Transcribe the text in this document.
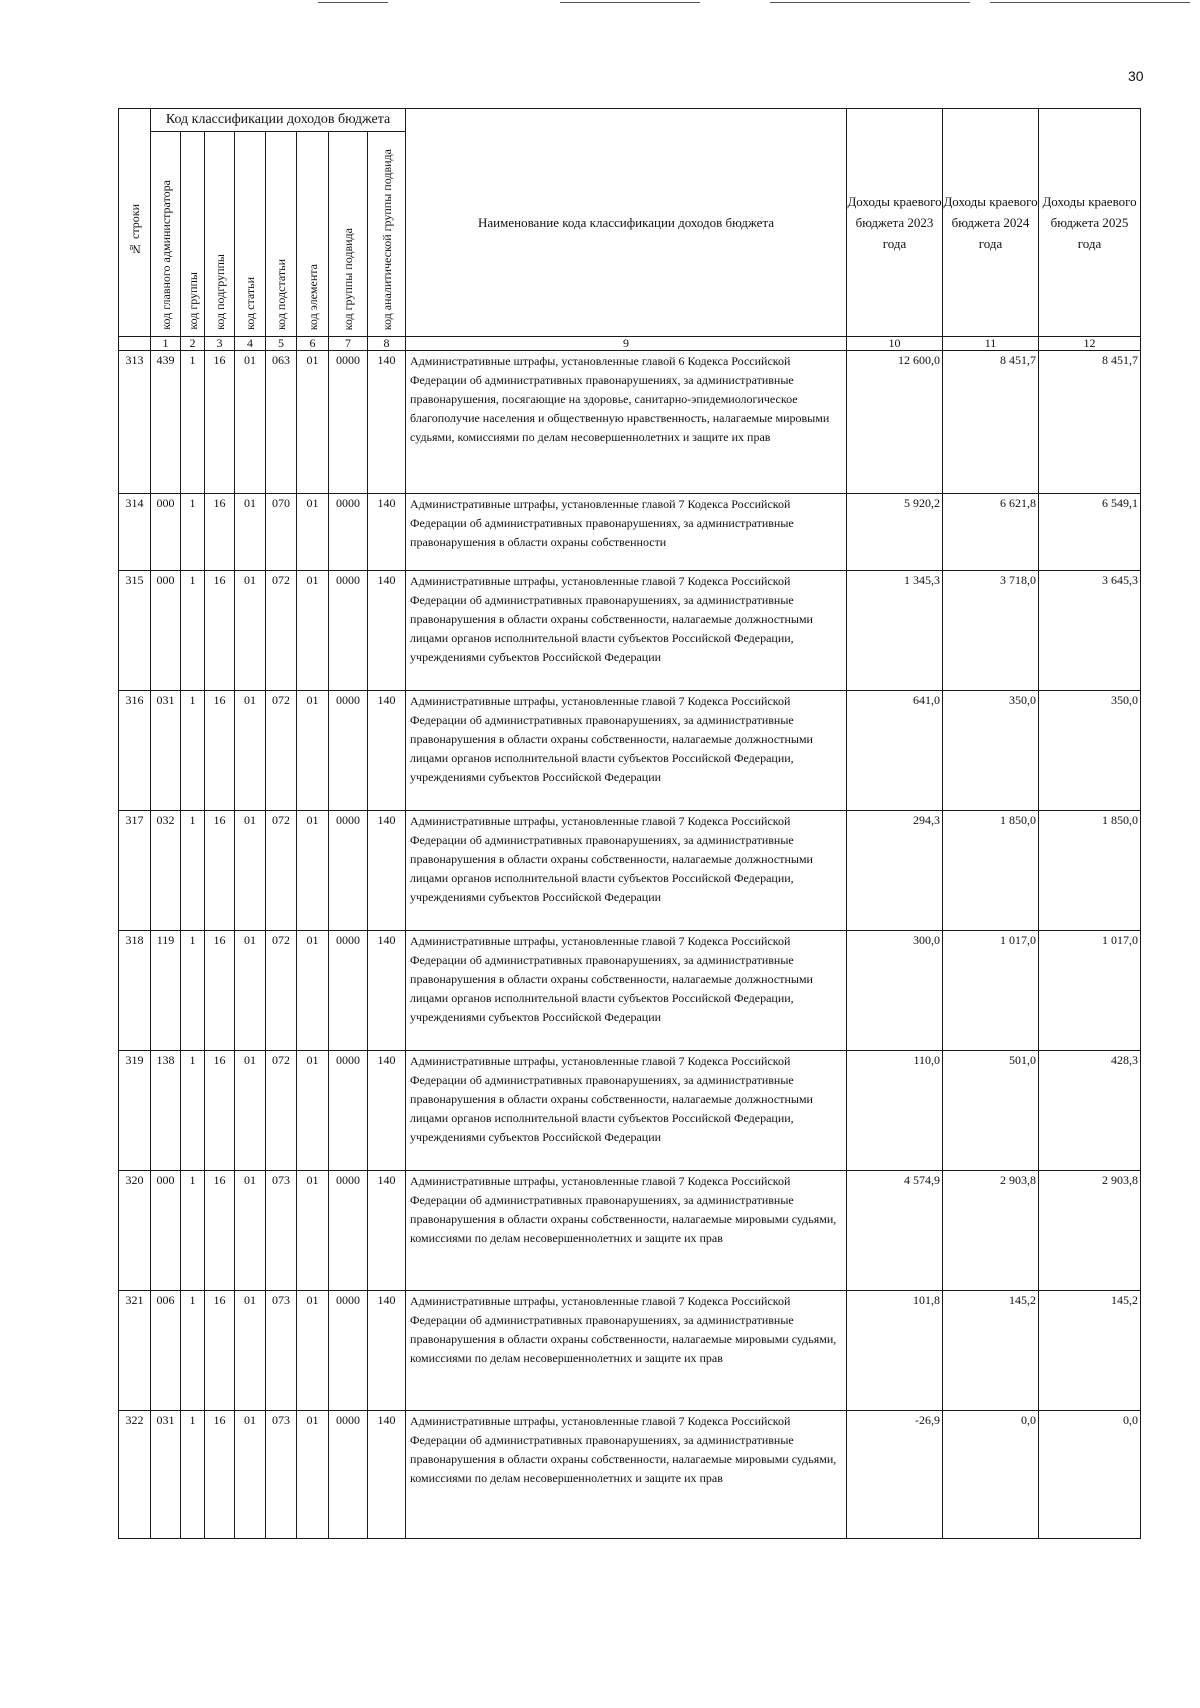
30
№ строки	Код классификации доходов бюджета								Наименование кода классификации доходов бюджета	Доходы краевого бюджета 2023 года	Доходы краевого бюджета 2024 года	Доходы краевого бюджета 2025 года

	код главного администратора	код группы	код подгруппы	код статьи	код подстатьи	код элемента	код группы подвида	код аналитической группы подвида				

	1	2	3	4	5	6	7	8	9	10	11	12
313	439	1	16	01	063	01	0000	140	Административные штрафы, установленные главой 6 Кодекса Российской Федерации об административных правонарушениях, за административные правонарушения, посягающие на здоровье, санитарно-эпидемиологическое благополучие населения и общественную нравственность, налагаемые мировыми судьями, комиссиями по делам несовершеннолетних и защите их прав	12 600,0	8 451,7	8 451,7
314	000	1	16	01	070	01	0000	140	Административные штрафы, установленные главой 7 Кодекса Российской Федерации об административных правонарушениях, за административные правонарушения в области охраны собственности	5 920,2	6 621,8	6 549,1
315	000	1	16	01	072	01	0000	140	Административные штрафы, установленные главой 7 Кодекса Российской Федерации об административных правонарушениях, за административные правонарушения в области охраны собственности, налагаемые должностными лицами органов исполнительной власти субъектов Российской Федерации, учреждениями субъектов Российской Федерации	1 345,3	3 718,0	3 645,3
316	031	1	16	01	072	01	0000	140	Административные штрафы, установленные главой 7 Кодекса Российской Федерации об административных правонарушениях, за административные правонарушения в области охраны собственности, налагаемые должностными лицами органов исполнительной власти субъектов Российской Федерации, учреждениями субъектов Российской Федерации	641,0	350,0	350,0
317	032	1	16	01	072	01	0000	140	Административные штрафы, установленные главой 7 Кодекса Российской Федерации об административных правонарушениях, за административные правонарушения в области охраны собственности, налагаемые должностными лицами органов исполнительной власти субъектов Российской Федерации, учреждениями субъектов Российской Федерации	294,3	1 850,0	1 850,0
318	119	1	16	01	072	01	0000	140	Административные штрафы, установленные главой 7 Кодекса Российской Федерации об административных правонарушениях, за административные правонарушения в области охраны собственности, налагаемые должностными лицами органов исполнительной власти субъектов Российской Федерации, учреждениями субъектов Российской Федерации	300,0	1 017,0	1 017,0
319	138	1	16	01	072	01	0000	140	Административные штрафы, установленные главой 7 Кодекса Российской Федерации об административных правонарушениях, за административные правонарушения в области охраны собственности, налагаемые должностными лицами органов исполнительной власти субъектов Российской Федерации, учреждениями субъектов Российской Федерации	110,0	501,0	428,3
320	000	1	16	01	073	01	0000	140	Административные штрафы, установленные главой 7 Кодекса Российской Федерации об административных правонарушениях, за административные правонарушения в области охраны собственности, налагаемые мировыми судьями, комиссиями по делам несовершеннолетних и защите их прав	4 574,9	2 903,8	2 903,8
321	006	1	16	01	073	01	0000	140	Административные штрафы, установленные главой 7 Кодекса Российской Федерации об административных правонарушениях, за административные правонарушения в области охраны собственности, налагаемые мировыми судьями, комиссиями по делам несовершеннолетних и защите их прав	101,8	145,2	145,2
322	031	1	16	01	073	01	0000	140	Административные штрафы, установленные главой 7 Кодекса Российской Федерации об административных правонарушениях, за административные правонарушения в области охраны собственности, налагаемые мировыми судьями, комиссиями по делам несовершеннолетних и защите их прав	-26,9	0,0	0,0
